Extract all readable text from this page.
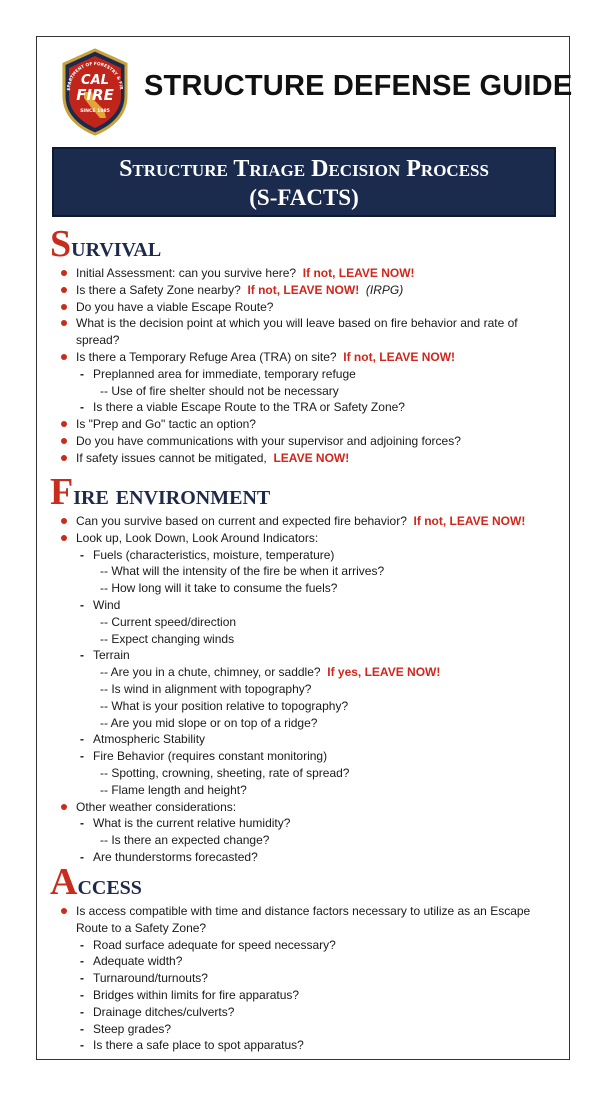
EPARTMENT OF FORESTRY & FIR
CAL
FIRE
SINCE 1885
STRUCTURE DEFENSE GUIDE
Structure Triage Decision Process
(S-FACTS)
Survival
Initial Assessment: can you survive here? If not, LEAVE NOW!
Is there a Safety Zone nearby? If not, LEAVE NOW! (IRPG)
Do you have a viable Escape Route?
What is the decision point at which you will leave based on fire behavior and rate of spread?
Is there a Temporary Refuge Area (TRA) on site? If not, LEAVE NOW!
- Preplanned area for immediate, temporary refuge
-- Use of fire shelter should not be necessary
- Is there a viable Escape Route to the TRA or Safety Zone?
Is "Prep and Go" tactic an option?
Do you have communications with your supervisor and adjoining forces?
If safety issues cannot be mitigated, LEAVE NOW!
Fire environment
Can you survive based on current and expected fire behavior? If not, LEAVE NOW!
Look up, Look Down, Look Around Indicators:
- Fuels (characteristics, moisture, temperature)
-- What will the intensity of the fire be when it arrives?
-- How long will it take to consume the fuels?
- Wind
-- Current speed/direction
-- Expect changing winds
- Terrain
-- Are you in a chute, chimney, or saddle? If yes, LEAVE NOW!
-- Is wind in alignment with topography?
-- What is your position relative to topography?
-- Are you mid slope or on top of a ridge?
- Atmospheric Stability
- Fire Behavior (requires constant monitoring)
-- Spotting, crowning, sheeting, rate of spread?
-- Flame length and height?
Other weather considerations:
- What is the current relative humidity?
-- Is there an expected change?
- Are thunderstorms forecasted?
Access
Is access compatible with time and distance factors necessary to utilize as an Escape Route to a Safety Zone?
- Road surface adequate for speed necessary?
- Adequate width?
- Turnaround/turnouts?
- Bridges within limits for fire apparatus?
- Drainage ditches/culverts?
- Steep grades?
- Is there a safe place to spot apparatus?
